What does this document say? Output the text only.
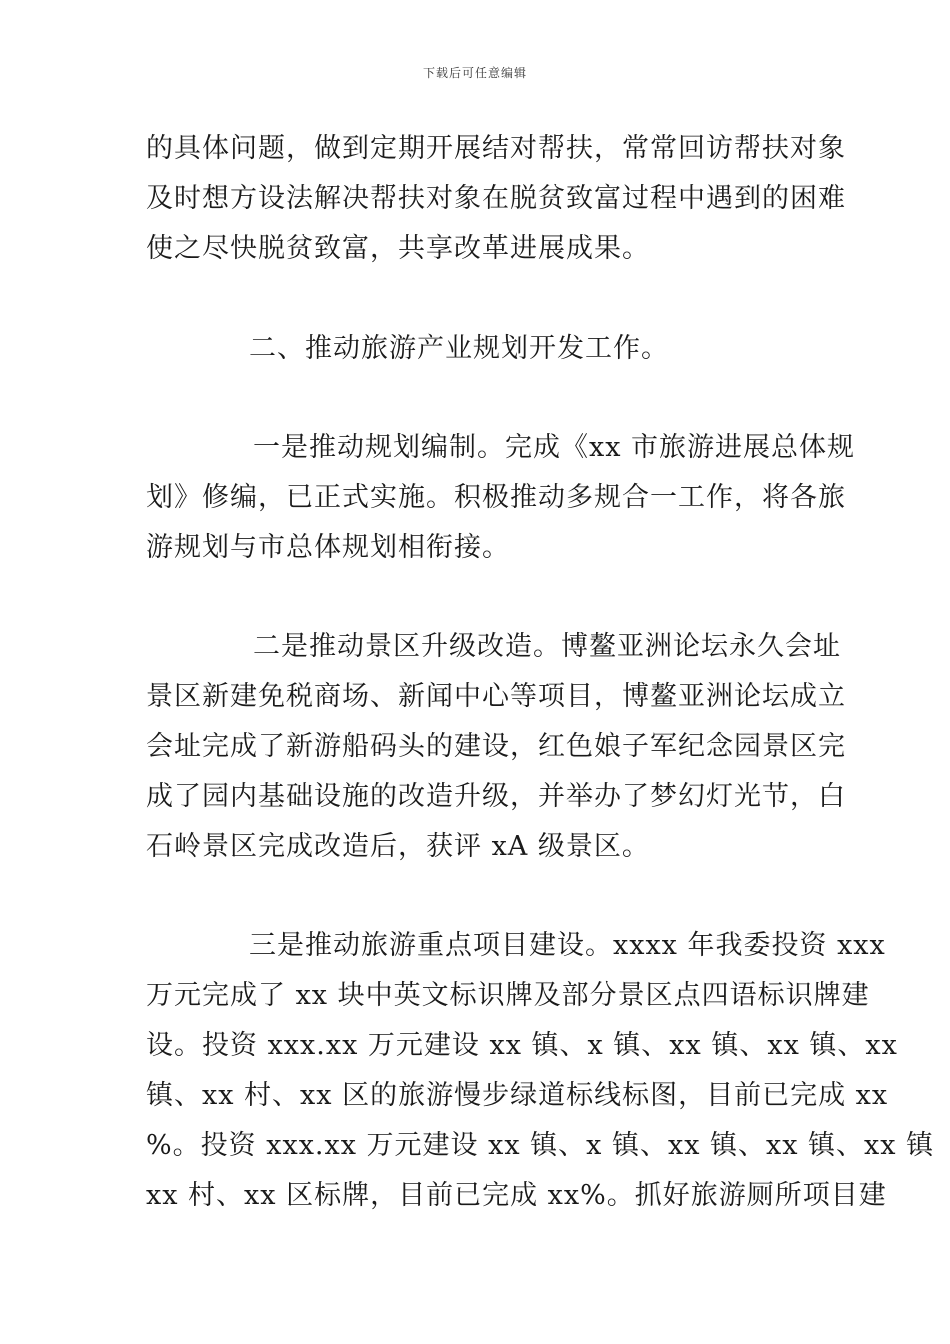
下载后可任意编辑
的具体问题，做到定期开展结对帮扶，常常回访帮扶对象
及时想方设法解决帮扶对象在脱贫致富过程中遇到的困难
使之尽快脱贫致富，共享改革进展成果。
二、推动旅游产业规划开发工作。
一是推动规划编制。完成《xx 市旅游进展总体规
划》修编，已正式实施。积极推动多规合一工作，将各旅
游规划与市总体规划相衔接。
二是推动景区升级改造。博鳌亚洲论坛永久会址
景区新建免税商场、新闻中心等项目，博鳌亚洲论坛成立
会址完成了新游船码头的建设，红色娘子军纪念园景区完
成了园内基础设施的改造升级，并举办了梦幻灯光节，白
石岭景区完成改造后，获评 xA 级景区。
三是推动旅游重点项目建设。xxxx 年我委投资 xxx
万元完成了 xx 块中英文标识牌及部分景区点四语标识牌建
设。投资 xxx.xx 万元建设 xx 镇、x 镇、xx 镇、xx 镇、xx
镇、xx 村、xx 区的旅游慢步绿道标线标图，目前已完成 xx
%。投资 xxx.xx 万元建设 xx 镇、x 镇、xx 镇、xx 镇、xx 镇
xx 村、xx 区标牌，目前已完成 xx%。抓好旅游厕所项目建
